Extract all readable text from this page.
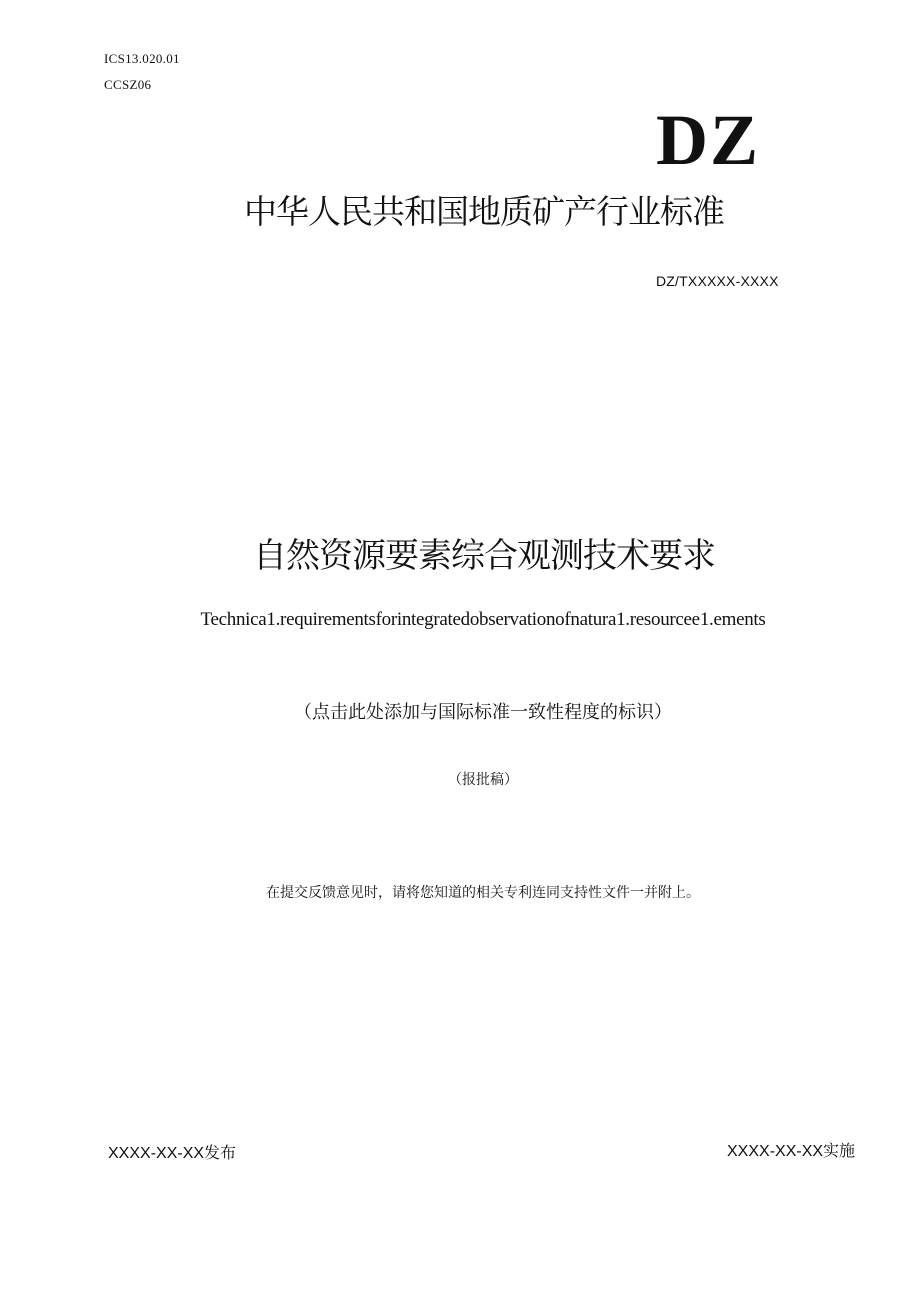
ICS13.020.01
CCSZ06
DZ
中华人民共和国地质矿产行业标准
DZ/TXXXXX-XXXX
自然资源要素综合观测技术要求
Technica1.requirementsforintegratedobservationofnatura1.resourcee1.ements
（点击此处添加与国际标准一致性程度的标识）
（报批稿）
在提交反馈意见时，请将您知道的相关专利连同支持性文件一并附上。
XXXX-XX-XX发布	XXXX-XX-XX实施
